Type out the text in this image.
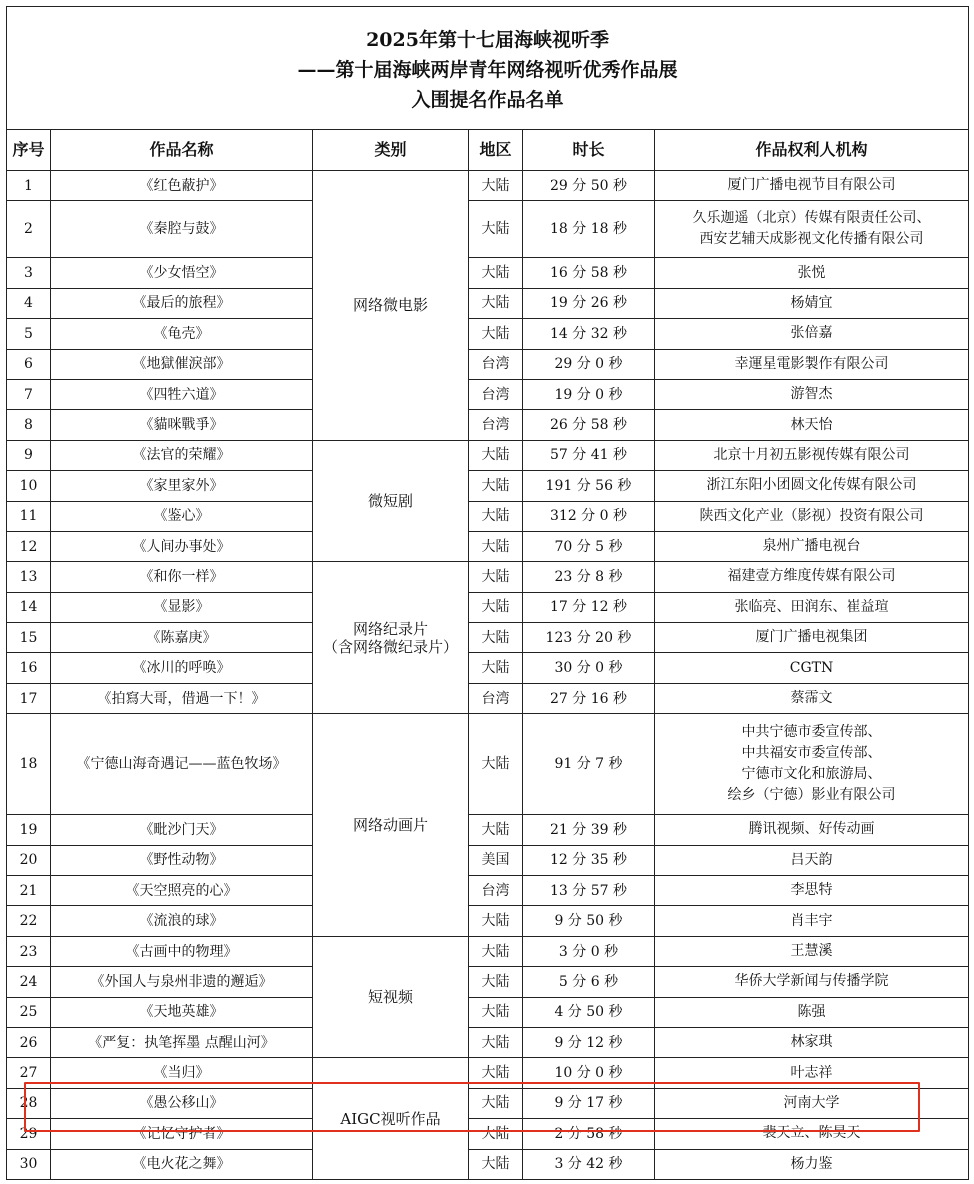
2025年第十七届海峡视听季
——第十届海峡两岸青年网络视听优秀作品展
入围提名作品名单					

序号	作品名称	类别	地区	时长	作品权利人机构
1	《红色蔽护》	网络微电影	大陆	29 分 50 秒	厦门广播电视节目有限公司

2	《秦腔与鼓》		大陆	18 分 18 秒	久乐迦遥（北京）传媒有限责任公司、
西安艺辅天成影视文化传播有限公司

3	《少女悟空》		大陆	16 分 58 秒	张悦

4	《最后的旅程》		大陆	19 分 26 秒	杨婧宜

5	《龟壳》		大陆	14 分 32 秒	张倍嘉

6	《地獄催淚部》		台湾	29 分 0 秒	幸運星電影製作有限公司

7	《四牲六道》		台湾	19 分 0 秒	游智杰

8	《貓咪戰爭》		台湾	26 分 58 秒	林天怡

9	《法官的荣耀》	微短剧	大陆	57 分 41 秒	北京十月初五影视传媒有限公司

10	《家里家外》		大陆	191 分 56 秒	浙江东阳小团圆文化传媒有限公司

11	《鉴心》		大陆	312 分 0 秒	陕西文化产业（影视）投资有限公司

12	《人间办事处》		大陆	70 分 5 秒	泉州广播电视台

13	《和你一样》	网络纪录片
（含网络微纪录片）	大陆	23 分 8 秒	福建壹方维度传媒有限公司

14	《显影》		大陆	17 分 12 秒	张临亮、田润东、崔益瑄

15	《陈嘉庚》		大陆	123 分 20 秒	厦门广播电视集团

16	《冰川的呼唤》		大陆	30 分 0 秒	CGTN

17	《拍寫大哥，借過一下！》		台湾	27 分 16 秒	蔡霈文

18	《宁德山海奇遇记——蓝色牧场》	网络动画片	大陆	91 分 7 秒	中共宁德市委宣传部、
中共福安市委宣传部、
宁德市文化和旅游局、
绘乡（宁德）影业有限公司

19	《毗沙门天》		大陆	21 分 39 秒	腾讯视频、好传动画

20	《野性动物》		美国	12 分 35 秒	吕天韵

21	《天空照亮的心》		台湾	13 分 57 秒	李思特

22	《流浪的球》		大陆	9 分 50 秒	肖丰宇

23	《古画中的物理》	短视频	大陆	3 分 0 秒	王慧溪

24	《外国人与泉州非遗的邂逅》		大陆	5 分 6 秒	华侨大学新闻与传播学院

25	《天地英雄》		大陆	4 分 50 秒	陈强

26	《严复：执笔挥墨 点醒山河》		大陆	9 分 12 秒	林家琪

27	《当归》	AIGC视听作品	大陆	10 分 0 秒	叶志祥

28	《愚公移山》		大陆	9 分 17 秒	河南大学

29	《记忆守护者》		大陆	2 分 58 秒	裴天立、陈昊天

30	《电火花之舞》		大陆	3 分 42 秒	杨力鉴
